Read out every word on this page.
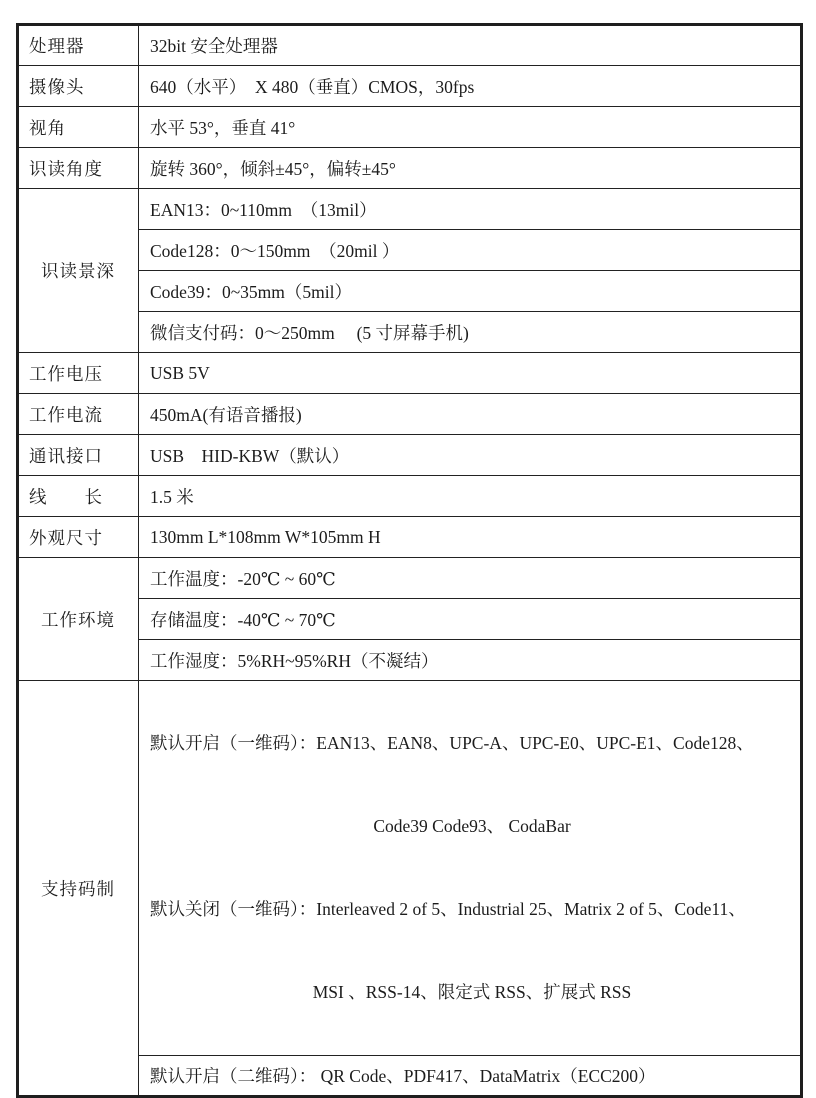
处理器	32bit 安全处理器
摄像头	640（水平）　X 480（垂直）CMOS，30fps
视角	水平 53°，垂直 41°
识读角度	旋转 360°，倾斜±45°，偏转±45°
识读景深	EAN13：0~110mm　（13mil）
	Code128：0～150mm　（20mil ）
	Code39：0~35mm（5mil）
	微信支付码：0～250mm　 (5 寸屏幕手机)
工作电压	USB 5V
工作电流	450mA(有语音播报)
通讯接口	USB　HID-KBW（默认）
线　　长	1.5 米
外观尺寸	130mm L*108mm W*105mm H
工作环境	工作温度：-20℃ ~ 60℃
	存储温度：-40℃ ~ 70℃
	工作湿度：5%RH~95%RH（不凝结）
支持码制	默认开启（一维码）：EAN13、EAN8、UPC-A、UPC-E0、UPC-E1、Code128、

Code39 Code93、 CodaBar

默认关闭（一维码）：Interleaved 2 of 5、Industrial 25、Matrix 2 of 5、Code11、

MSI 、RSS-14、限定式 RSS、扩展式 RSS

	默认开启（二维码）： QR Code、PDF417、DataMatrix（ECC200）
